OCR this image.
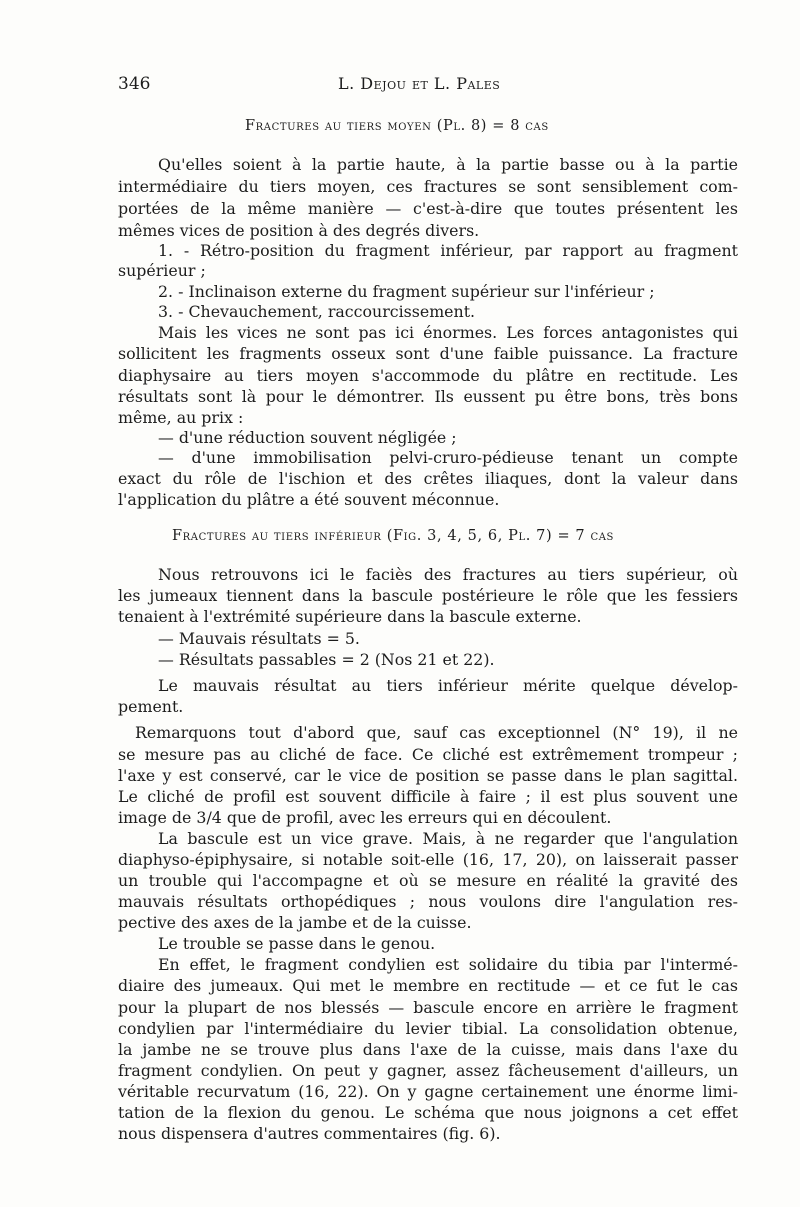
346	L. Dejou et L. Pales
Fractures au tiers moyen (Pl. 8) = 8 cas
Qu'elles soient à la partie haute, à la partie basse ou à la partie
intermédiaire du tiers moyen, ces fractures se sont sensiblement com-
portées de la même manière — c'est-à-dire que toutes présentent les
mêmes vices de position à des degrés divers.
1. - Rétro-position du fragment inférieur, par rapport au fragment
supérieur ;
2. - Inclinaison externe du fragment supérieur sur l'inférieur ;
3. - Chevauchement, raccourcissement.
Mais les vices ne sont pas ici énormes. Les forces antagonistes qui
sollicitent les fragments osseux sont d'une faible puissance. La fracture
diaphysaire au tiers moyen s'accommode du plâtre en rectitude. Les
résultats sont là pour le démontrer. Ils eussent pu être bons, très bons
même, au prix :
— d'une réduction souvent négligée ;
— d'une immobilisation pelvi-cruro-pédieuse tenant un compte
exact du rôle de l'ischion et des crêtes iliaques, dont la valeur dans
l'application du plâtre a été souvent méconnue.
Fractures au tiers inférieur (Fig. 3, 4, 5, 6, Pl. 7) = 7 cas
Nous retrouvons ici le faciès des fractures au tiers supérieur, où
les jumeaux tiennent dans la bascule postérieure le rôle que les fessiers
tenaient à l'extrémité supérieure dans la bascule externe.
— Mauvais résultats = 5.
— Résultats passables = 2 (Nos 21 et 22).
Le mauvais résultat au tiers inférieur mérite quelque dévelop-
pement.
Remarquons tout d'abord que, sauf cas exceptionnel (N° 19), il ne
se mesure pas au cliché de face. Ce cliché est extrêmement trompeur ;
l'axe y est conservé, car le vice de position se passe dans le plan sagittal.
Le cliché de profil est souvent difficile à faire ; il est plus souvent une
image de 3/4 que de profil, avec les erreurs qui en découlent.
La bascule est un vice grave. Mais, à ne regarder que l'angulation
diaphyso-épiphysaire, si notable soit-elle (16, 17, 20), on laisserait passer
un trouble qui l'accompagne et où se mesure en réalité la gravité des
mauvais résultats orthopédiques ; nous voulons dire l'angulation res-
pective des axes de la jambe et de la cuisse.
Le trouble se passe dans le genou.
En effet, le fragment condylien est solidaire du tibia par l'intermé-
diaire des jumeaux. Qui met le membre en rectitude — et ce fut le cas
pour la plupart de nos blessés — bascule encore en arrière le fragment
condylien par l'intermédiaire du levier tibial. La consolidation obtenue,
la jambe ne se trouve plus dans l'axe de la cuisse, mais dans l'axe du
fragment condylien. On peut y gagner, assez fâcheusement d'ailleurs, un
véritable recurvatum (16, 22). On y gagne certainement une énorme limi-
tation de la flexion du genou. Le schéma que nous joignons a cet effet
nous dispensera d'autres commentaires (fig. 6).
